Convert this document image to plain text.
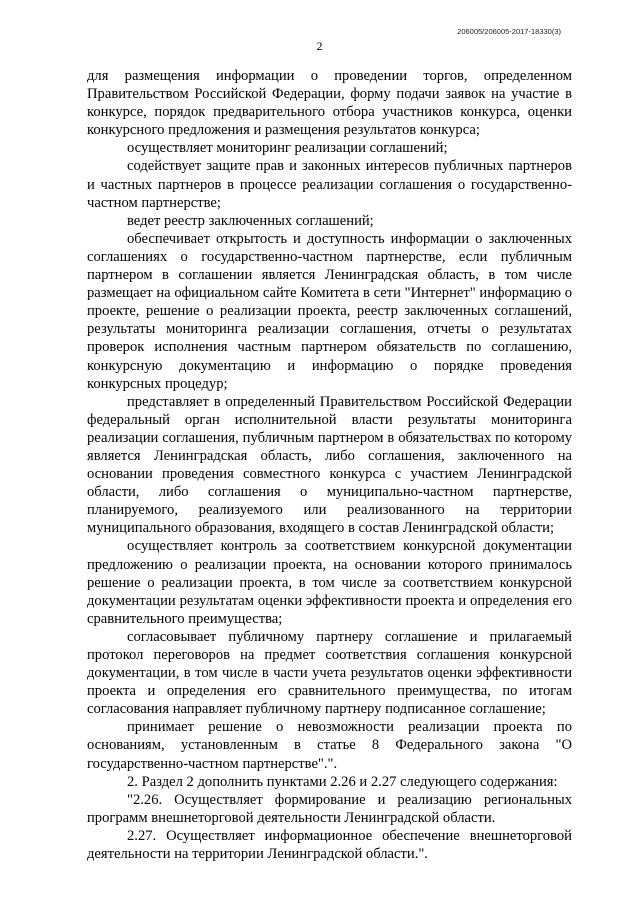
206005/206005-2017-18330(3)
2

для размещения информации о проведении торгов, определенном Правительством Российской Федерации, форму подачи заявок на участие в конкурсе, порядок предварительного отбора участников конкурса, оценки конкурсного предложения и размещения результатов конкурса;

осуществляет мониторинг реализации соглашений;

содействует защите прав и законных интересов публичных партнеров и частных партнеров в процессе реализации соглашения о государственно-частном партнерстве;

ведет реестр заключенных соглашений;

обеспечивает открытость и доступность информации о заключенных соглашениях о государственно-частном партнерстве, если публичным партнером в соглашении является Ленинградская область, в том числе размещает на официальном сайте Комитета в сети "Интернет" информацию о проекте, решение о реализации проекта, реестр заключенных соглашений, результаты мониторинга реализации соглашения, отчеты о результатах проверок исполнения частным партнером обязательств по соглашению, конкурсную документацию и информацию о порядке проведения конкурсных процедур;

представляет в определенный Правительством Российской Федерации федеральный орган исполнительной власти результаты мониторинга реализации соглашения, публичным партнером в обязательствах по которому является Ленинградская область, либо соглашения, заключенного на основании проведения совместного конкурса с участием Ленинградской области, либо соглашения о муниципально-частном партнерстве, планируемого, реализуемого или реализованного на территории муниципального образования, входящего в состав Ленинградской области;

осуществляет контроль за соответствием конкурсной документации предложению о реализации проекта, на основании которого принималось решение о реализации проекта, в том числе за соответствием конкурсной документации результатам оценки эффективности проекта и определения его сравнительного преимущества;

согласовывает публичному партнеру соглашение и прилагаемый протокол переговоров на предмет соответствия соглашения конкурсной документации, в том числе в части учета результатов оценки эффективности проекта и определения его сравнительного преимущества, по итогам согласования направляет публичному партнеру подписанное соглашение;

принимает решение о невозможности реализации проекта по основаниям, установленным в статье 8 Федерального закона "О государственно-частном партнерстве".".

2. Раздел 2 дополнить пунктами 2.26 и 2.27 следующего содержания:

"2.26. Осуществляет формирование и реализацию региональных программ внешнеторговой деятельности Ленинградской области.

2.27. Осуществляет информационное обеспечение внешнеторговой деятельности на территории Ленинградской области.".
